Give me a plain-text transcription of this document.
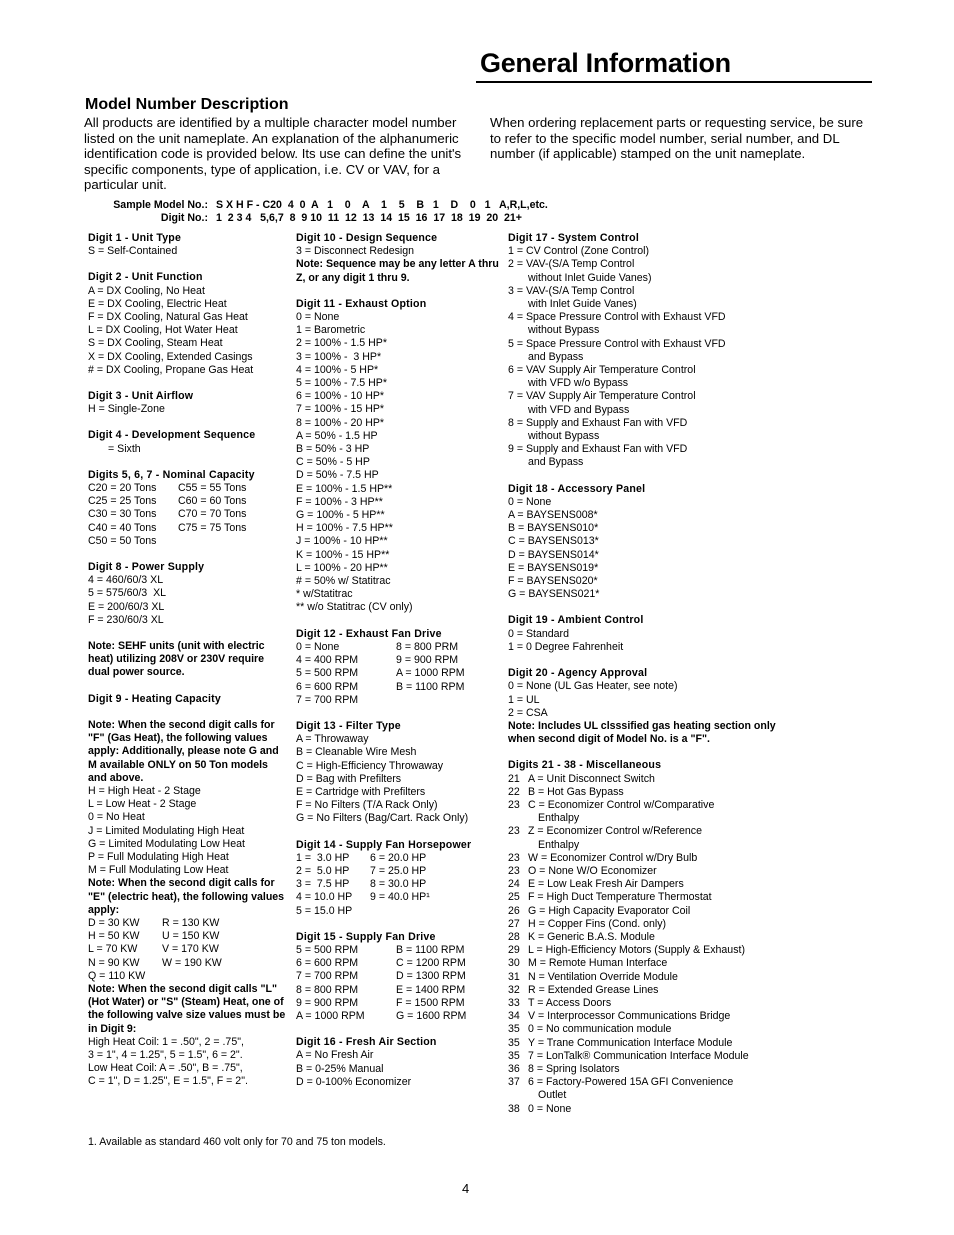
General Information
Model Number Description
All products are identified by a multiple character model number listed on the unit nameplate. An explanation of the alphanumeric identification code is provided below. Its use can define the unit's specific components, type of application, i.e. CV or VAV, for a particular unit.
When ordering replacement parts or requesting service, be sure to refer to the specific model number, serial number, and DL number (if applicable) stamped on the unit nameplate.
Sample Model No.: S X H F - C20  4  0  A   1    0    A    1    5    B   1    D    0   1   A,R,L,etc.
Digit No.: 1  2 3 4   5,6,7  8  9 10  11  12  13  14  15  16  17  18  19  20  21+
Digit 1 - Unit Type
S = Self-Contained
Digit 2 - Unit Function
A = DX Cooling, No Heat
E = DX Cooling, Electric Heat
F = DX Cooling, Natural Gas Heat
L = DX Cooling, Hot Water Heat
S = DX Cooling, Steam Heat
X = DX Cooling, Extended Casings
# = DX Cooling, Propane Gas Heat
Digit 3 - Unit Airflow
H = Single-Zone
Digit 4 - Development Sequence
= Sixth
Digits 5, 6, 7 - Nominal Capacity
C20 = 20 Tons	C55 = 55 Tons
C25 = 25 Tons	C60 = 60 Tons
C30 = 30 Tons	C70 = 70 Tons
C40 = 40 Tons	C75 = 75 Tons
C50 = 50 Tons
Digit 8 - Power Supply
4 = 460/60/3 XL
5 = 575/60/3  XL
E = 200/60/3 XL
F = 230/60/3 XL
Note: SEHF units (unit with electric heat) utilizing 208V or 230V require dual power source.
Digit 9 - Heating Capacity
Note: When the second digit calls for "F" (Gas Heat), the following values apply: Additionally, please note G and M available ONLY on 50 Ton models and above.
H = High Heat - 2 Stage
L = Low Heat - 2 Stage
0 = No Heat
J = Limited Modulating High Heat
G = Limited Modulating Low Heat
P = Full Modulating High Heat
M = Full Modulating Low Heat
Note: When the second digit calls for "E" (electric heat), the following values apply:
D = 30 KW	R = 130 KW
H = 50 KW	U = 150 KW
L = 70 KW	V = 170 KW
N = 90 KW	W = 190 KW
Q = 110 KW
Note: When the second digit calls "L" (Hot Water) or "S" (Steam) Heat, one of the following valve size values must be in Digit 9:
High Heat Coil: 1 = .50", 2 = .75",
3 = 1", 4 = 1.25", 5 = 1.5", 6 = 2".
Low Heat Coil: A = .50", B = .75",
C = 1", D = 1.25", E = 1.5", F = 2".
Digit 10 - Design Sequence
3 = Disconnect Redesign
Note: Sequence may be any letter A thru Z, or any digit 1 thru 9.
Digit 11 - Exhaust Option
0 = None
1 = Barometric
2 = 100% - 1.5 HP*
3 = 100% -  3 HP*
4 = 100% - 5 HP*
5 = 100% - 7.5 HP*
6 = 100% - 10 HP*
7 = 100% - 15 HP*
8 = 100% - 20 HP*
A = 50% - 1.5 HP
B = 50% - 3 HP
C = 50% - 5 HP
D = 50% - 7.5 HP
E = 100% - 1.5 HP**
F = 100% - 3 HP**
G = 100% - 5 HP**
H = 100% - 7.5 HP**
J = 100% - 10 HP**
K = 100% - 15 HP**
L = 100% - 20 HP**
# = 50% w/ Statitrac
* w/Statitrac
** w/o Statitrac (CV only)
Digit 12 - Exhaust Fan Drive
0 = None	8 = 800 PRM
4 = 400 RPM	9 = 900 RPM
5 = 500 RPM	A = 1000 RPM
6 = 600 RPM	B = 1100 RPM
7 = 700 RPM
Digit 13 - Filter Type
A = Throwaway
B = Cleanable Wire Mesh
C = High-Efficiency Throwaway
D = Bag with Prefilters
E = Cartridge with Prefilters
F = No Filters (T/A Rack Only)
G = No Filters (Bag/Cart. Rack Only)
Digit 14 - Supply Fan Horsepower
1 =  3.0 HP	6 = 20.0 HP
2 =  5.0 HP	7 = 25.0 HP
3 =  7.5 HP	8 = 30.0 HP
4 = 10.0 HP	9 = 40.0 HP¹
5 = 15.0 HP
Digit 15 - Supply Fan Drive
5 = 500 RPM	B = 1100 RPM
6 = 600 RPM	C = 1200 RPM
7 = 700 RPM	D = 1300 RPM
8 = 800 RPM	E = 1400 RPM
9 = 900 RPM	F = 1500 RPM
A = 1000 RPM	G = 1600 RPM
Digit 16 - Fresh Air Section
A = No Fresh Air
B = 0-25% Manual
D = 0-100% Economizer
Digit 17 - System Control
1 = CV Control (Zone Control)
2 = VAV-(S/A Temp Control
without Inlet Guide Vanes)
3 = VAV-(S/A Temp Control
with Inlet Guide Vanes)
4 = Space Pressure Control with Exhaust VFD
without Bypass
5 = Space Pressure Control with Exhaust VFD
and Bypass
6 = VAV Supply Air Temperature Control
with VFD w/o Bypass
7 = VAV Supply Air Temperature Control
with VFD and Bypass
8 = Supply and Exhaust Fan with VFD
without Bypass
9 = Supply and Exhaust Fan with VFD
and Bypass
Digit 18 - Accessory Panel
0 = None
A = BAYSENS008*
B = BAYSENS010*
C = BAYSENS013*
D = BAYSENS014*
E = BAYSENS019*
F = BAYSENS020*
G = BAYSENS021*
Digit 19 - Ambient Control
0 = Standard
1 = 0 Degree Fahrenheit
Digit 20 - Agency Approval
0 = None (UL Gas Heater, see note)
1 = UL
2 = CSA
Note: Includes UL clsssified gas heating section only when second digit of Model No. is a "F".
Digits 21 - 38 - Miscellaneous
21 A = Unit Disconnect Switch
22 B = Hot Gas Bypass
23 C = Economizer Control w/Comparative
Enthalpy
23 Z = Economizer Control w/Reference
Enthalpy
23 W = Economizer Control w/Dry Bulb
23 O = None W/O Economizer
24 E = Low Leak Fresh Air Dampers
25 F = High Duct Temperature Thermostat
26 G = High Capacity Evaporator Coil
27 H = Copper Fins (Cond. only)
28 K = Generic B.A.S. Module
29 L = High-Efficiency Motors (Supply & Exhaust)
30 M = Remote Human Interface
31 N = Ventilation Override Module
32 R = Extended Grease Lines
33 T = Access Doors
34 V = Interprocessor Communications Bridge
35 0 = No communication module
35 Y = Trane Communication Interface Module
35 7 = LonTalk® Communication Interface Module
36 8 = Spring Isolators
37 6 = Factory-Powered 15A GFI Convenience
Outlet
38 0 = None
1. Available as standard 460 volt only for 70 and 75 ton models.
4
